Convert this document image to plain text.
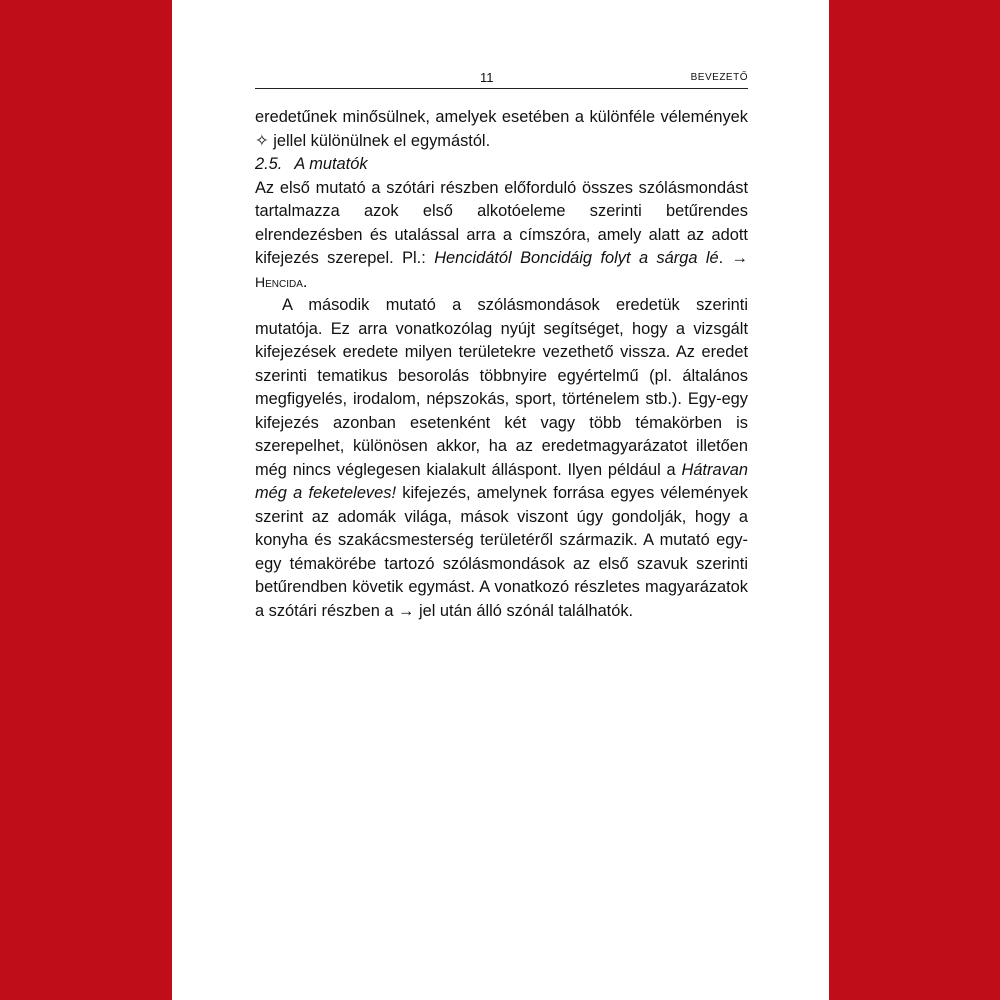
11	BEVEZETŐ

eredetűnek minősülnek, amelyek esetében a különféle vélemények ✧ jellel különülnek el egymástól.

2.5. A mutatók

Az első mutató a szótári részben előforduló összes szólásmondást tartalmazza azok első alkotóeleme szerinti betűrendes elrendezésben és utalással arra a címszóra, amely alatt az adott kifejezés szerepel. Pl.: Hencidától Boncidáig folyt a sárga lé. → Hencida.

A második mutató a szólásmondások eredetük szerinti mutatója. Ez arra vonatkozólag nyújt segítséget, hogy a vizsgált kifejezések eredete milyen területekre vezethető vissza. Az eredet szerinti tematikus besorolás többnyire egyértelmű (pl. általános megfigyelés, irodalom, népszokás, sport, történelem stb.). Egy-egy kifejezés azonban esetenként két vagy több témakörben is szerepelhet, különösen akkor, ha az eredetmagyarázatot illetően még nincs véglegesen kialakult álláspont. Ilyen például a Hátravan még a feketeleves! kifejezés, amelynek forrása egyes vélemények szerint az adomák világa, mások viszont úgy gondolják, hogy a konyha és szakácsmesterség területéről származik. A mutató egy-egy témakörébe tartozó szólásmondások az első szavuk szerinti betűrendben követik egymást. A vonatkozó részletes magyarázatok a szótári részben a → jel után álló szónál találhatók.
